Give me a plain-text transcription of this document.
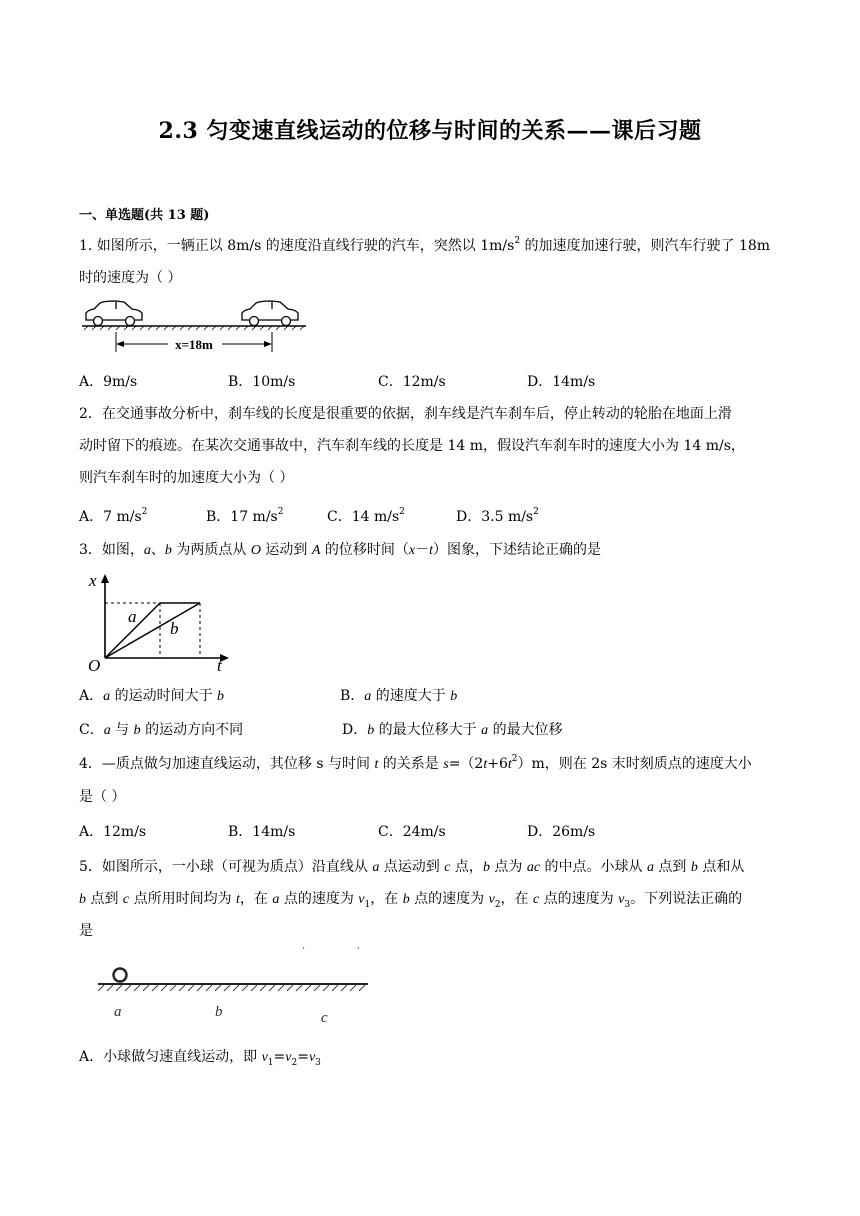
2.3 匀变速直线运动的位移与时间的关系——课后习题
一、单选题(共 13 题)
1. 如图所示，一辆正以 8m/s 的速度沿直线行驶的汽车，突然以 $1m/s^2$ 的加速度加速行驶，则汽车行驶了 18m
时的速度为（ ）
x=18m
A．9m/s	B．10m/s	C．12m/s	D．14m/s
2．在交通事故分析中，刹车线的长度是很重要的依据，刹车线是汽车刹车后，停止转动的轮胎在地面上滑
动时留下的痕迹。在某次交通事故中，汽车刹车线的长度是 14 m，假设汽车刹车时的速度大小为 14 m/s，
则汽车刹车时的加速度大小为（ ）
A．7 $m/s^2$	B．17 $m/s^2$	C．14 $m/s^2$	D．3.5 $m/s^2$
3．如图，a、b 为两质点从 O 运动到 A 的位移时间（x－t）图象，下述结论正确的是
x
t
O
a
b
A．a 的运动时间大于 b	B．a 的速度大于 b
C．a 与 b 的运动方向不同	D．b 的最大位移大于 a 的最大位移
4．—质点做匀加速直线运动，其位移 s 与时间 t 的关系是 $s=(2t+6t^2)m$，则在 2s 末时刻质点的速度大小
是（ ）
A．12m/s	B．14m/s	C．24m/s	D．26m/s
5．如图所示，一小球（可视为质点）沿直线从 a 点运动到 c 点，b 点为 ac 的中点。小球从 a 点到 b 点和从
b 点到 c 点所用时间均为 t，在 a 点的速度为 $v_1$，在 b 点的速度为 $v_2$，在 c 点的速度为 $v_3$。下列说法正确的
是
a	b	c
A．小球做匀速直线运动，即 $v_1=v_2=v_3$
